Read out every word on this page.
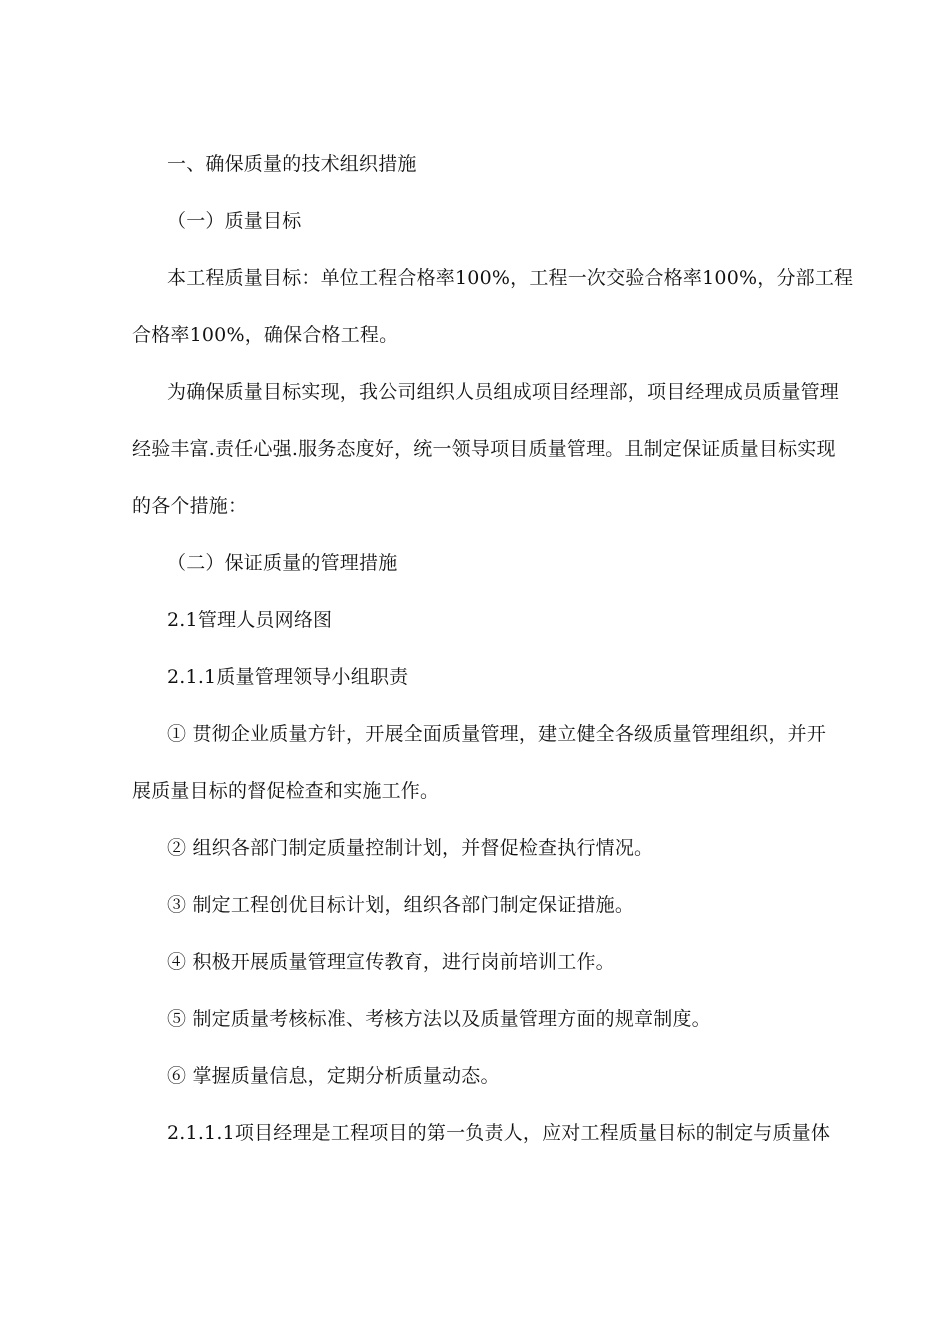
一、确保质量的技术组织措施
（一）质量目标
本工程质量目标：单位工程合格率100%，工程一次交验合格率100%，分部工程
合格率100%，确保合格工程。
为确保质量目标实现，我公司组织人员组成项目经理部，项目经理成员质量管理
经验丰富.责任心强.服务态度好，统一领导项目质量管理。且制定保证质量目标实现
的各个措施：
（二）保证质量的管理措施
2.1管理人员网络图
2.1.1质量管理领导小组职责
① 贯彻企业质量方针，开展全面质量管理，建立健全各级质量管理组织，并开
展质量目标的督促检查和实施工作。
② 组织各部门制定质量控制计划，并督促检查执行情况。
③ 制定工程创优目标计划，组织各部门制定保证措施。
④ 积极开展质量管理宣传教育，进行岗前培训工作。
⑤ 制定质量考核标准、考核方法以及质量管理方面的规章制度。
⑥ 掌握质量信息，定期分析质量动态。
2.1.1.1项目经理是工程项目的第一负责人，应对工程质量目标的制定与质量体
